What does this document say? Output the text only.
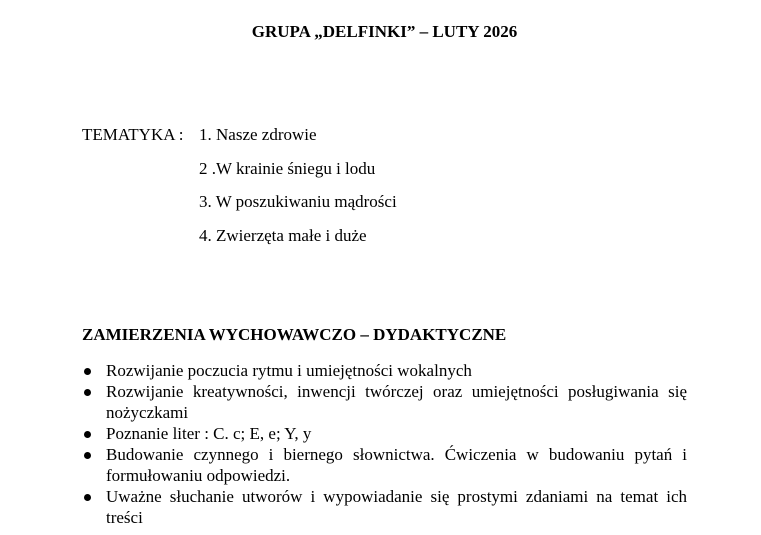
GRUPA „DELFINKI” – LUTY 2026
TEMATYKA : 1. Nasze zdrowie
2 .W krainie śniegu i lodu
3. W poszukiwaniu mądrości
4. Zwierzęta małe i duże
ZAMIERZENIA WYCHOWAWCZO – DYDAKTYCZNE
Rozwijanie poczucia rytmu i umiejętności wokalnych
Rozwijanie kreatywności, inwencji twórczej oraz umiejętności posługiwania się nożyczkami
Poznanie liter : C. c; E, e; Y, y
Budowanie czynnego i biernego słownictwa. Ćwiczenia w budowaniu pytań i formułowaniu odpowiedzi.
Uważne słuchanie utworów i wypowiadanie się prostymi zdaniami na temat ich treści
